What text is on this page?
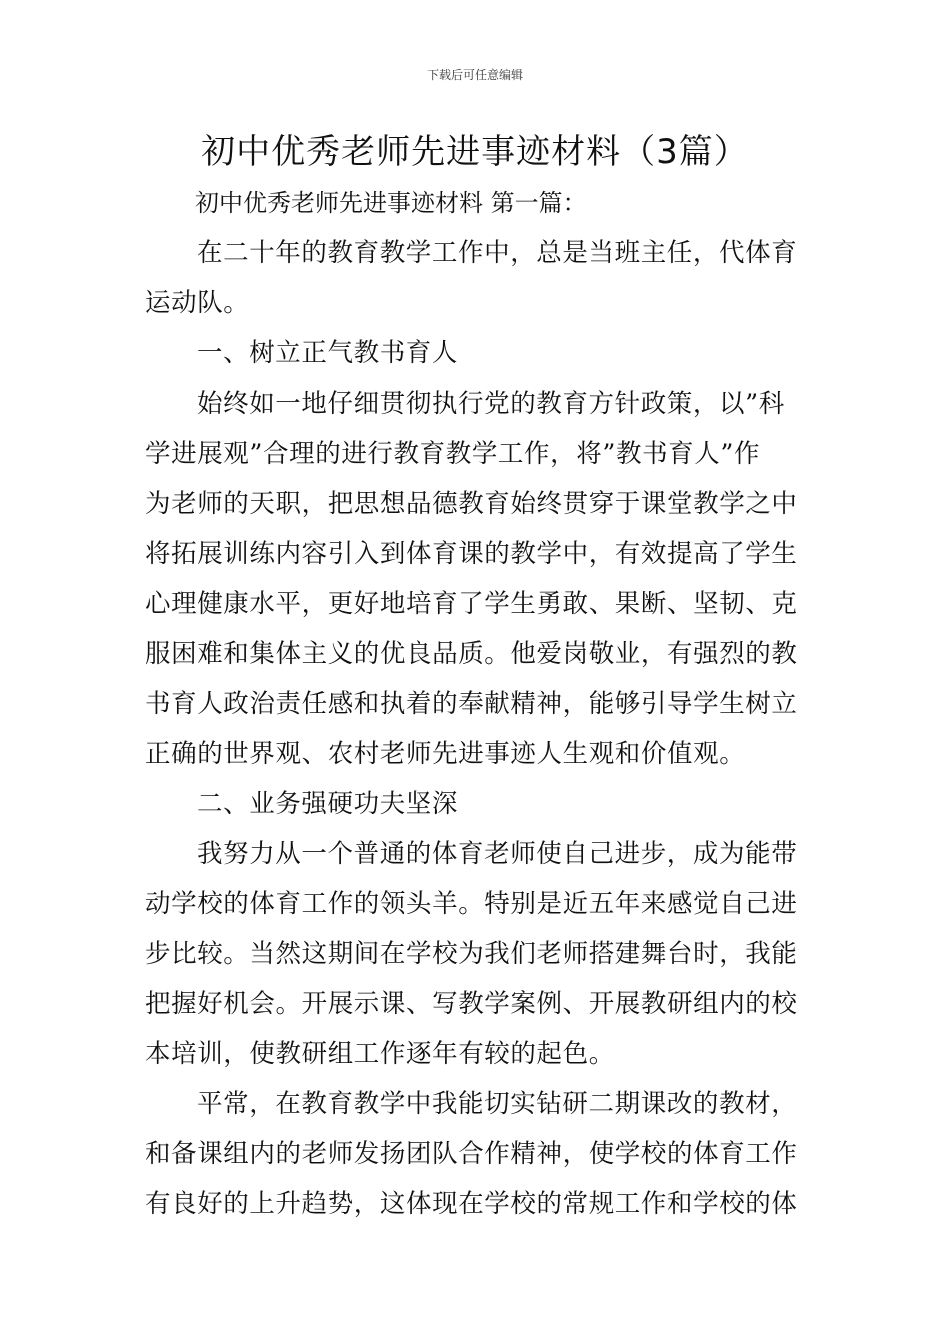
下载后可任意编辑
初中优秀老师先进事迹材料（3篇）
初中优秀老师先进事迹材料 第一篇：
在二十年的教育教学工作中，总是当班主任，代体育
运动队。
一、树立正气教书育人
始终如一地仔细贯彻执行党的教育方针政策，以”科
学进展观”合理的进行教育教学工作，将”教书育人”作
为老师的天职，把思想品德教育始终贯穿于课堂教学之中
将拓展训练内容引入到体育课的教学中，有效提高了学生
心理健康水平，更好地培育了学生勇敢、果断、坚韧、克
服困难和集体主义的优良品质。他爱岗敬业，有强烈的教
书育人政治责任感和执着的奉献精神，能够引导学生树立
正确的世界观、农村老师先进事迹人生观和价值观。
二、业务强硬功夫坚深
我努力从一个普通的体育老师使自己进步，成为能带
动学校的体育工作的领头羊。特别是近五年来感觉自己进
步比较。当然这期间在学校为我们老师搭建舞台时，我能
把握好机会。开展示课、写教学案例、开展教研组内的校
本培训，使教研组工作逐年有较的起色。
平常，在教育教学中我能切实钻研二期课改的教材，
和备课组内的老师发扬团队合作精神，使学校的体育工作
有良好的上升趋势，这体现在学校的常规工作和学校的体
